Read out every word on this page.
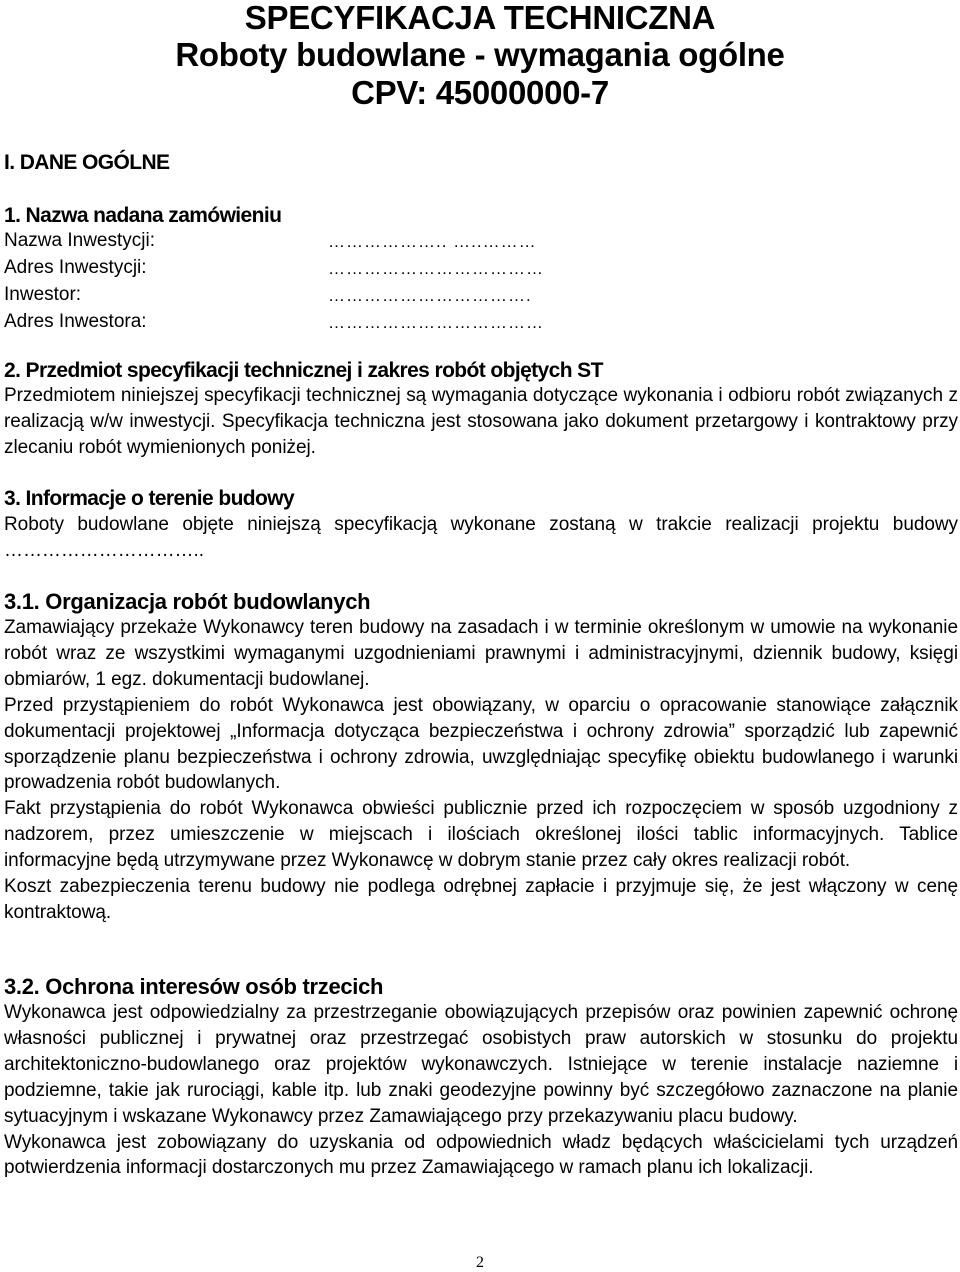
SPECYFIKACJA TECHNICZNA
Roboty budowlane - wymagania ogólne
CPV: 45000000-7
I. DANE OGÓLNE
1. Nazwa nadana zamówieniu
Nazwa Inwestycji:	……………….. …..………
Adres Inwestycji:	………………………………
Inwestor:	…………………………….
Adres Inwestora:	………………………………
2. Przedmiot specyfikacji technicznej i zakres robót objętych ST

Przedmiotem niniejszej specyfikacji technicznej są wymagania dotyczące wykonania i odbioru robót związanych z realizacją w/w inwestycji. Specyfikacja techniczna jest stosowana jako dokument przetargowy i kontraktowy przy zlecaniu robót wymienionych poniżej.

3. Informacje o terenie budowy

Roboty budowlane objęte niniejszą specyfikacją wykonane zostaną w trakcie realizacji projektu budowy …………………………..

3.1. Organizacja robót budowlanych

Zamawiający przekaże Wykonawcy teren budowy na zasadach i w terminie określonym w umowie na wykonanie robót wraz ze wszystkimi wymaganymi uzgodnieniami prawnymi i administracyjnymi, dziennik budowy, księgi obmiarów, 1 egz. dokumentacji budowlanej.

Przed przystąpieniem do robót Wykonawca jest obowiązany, w oparciu o opracowanie stanowiące załącznik dokumentacji projektowej „Informacja dotycząca bezpieczeństwa i ochrony zdrowia” sporządzić lub zapewnić sporządzenie planu bezpieczeństwa i ochrony zdrowia, uwzględniając specyfikę obiektu budowlanego i warunki prowadzenia robót budowlanych.

Fakt przystąpienia do robót Wykonawca obwieści publicznie przed ich rozpoczęciem w sposób uzgodniony z nadzorem, przez umieszczenie w miejscach i ilościach określonej ilości tablic informacyjnych. Tablice informacyjne będą utrzymywane przez Wykonawcę w dobrym stanie przez cały okres realizacji robót.

Koszt zabezpieczenia terenu budowy nie podlega odrębnej zapłacie i przyjmuje się, że jest włączony w cenę kontraktową.

3.2. Ochrona interesów osób trzecich

Wykonawca jest odpowiedzialny za przestrzeganie obowiązujących przepisów oraz powinien zapewnić ochronę własności publicznej i prywatnej oraz przestrzegać osobistych praw autorskich w stosunku do projektu architektoniczno-budowlanego oraz projektów wykonawczych. Istniejące w terenie instalacje naziemne i podziemne, takie jak rurociągi, kable itp. lub znaki geodezyjne powinny być szczegółowo zaznaczone na planie sytuacyjnym i wskazane Wykonawcy przez Zamawiającego przy przekazywaniu placu budowy.

Wykonawca jest zobowiązany do uzyskania od odpowiednich władz będących właścicielami tych urządzeń potwierdzenia informacji dostarczonych mu przez Zamawiającego w ramach planu ich lokalizacji.

2
